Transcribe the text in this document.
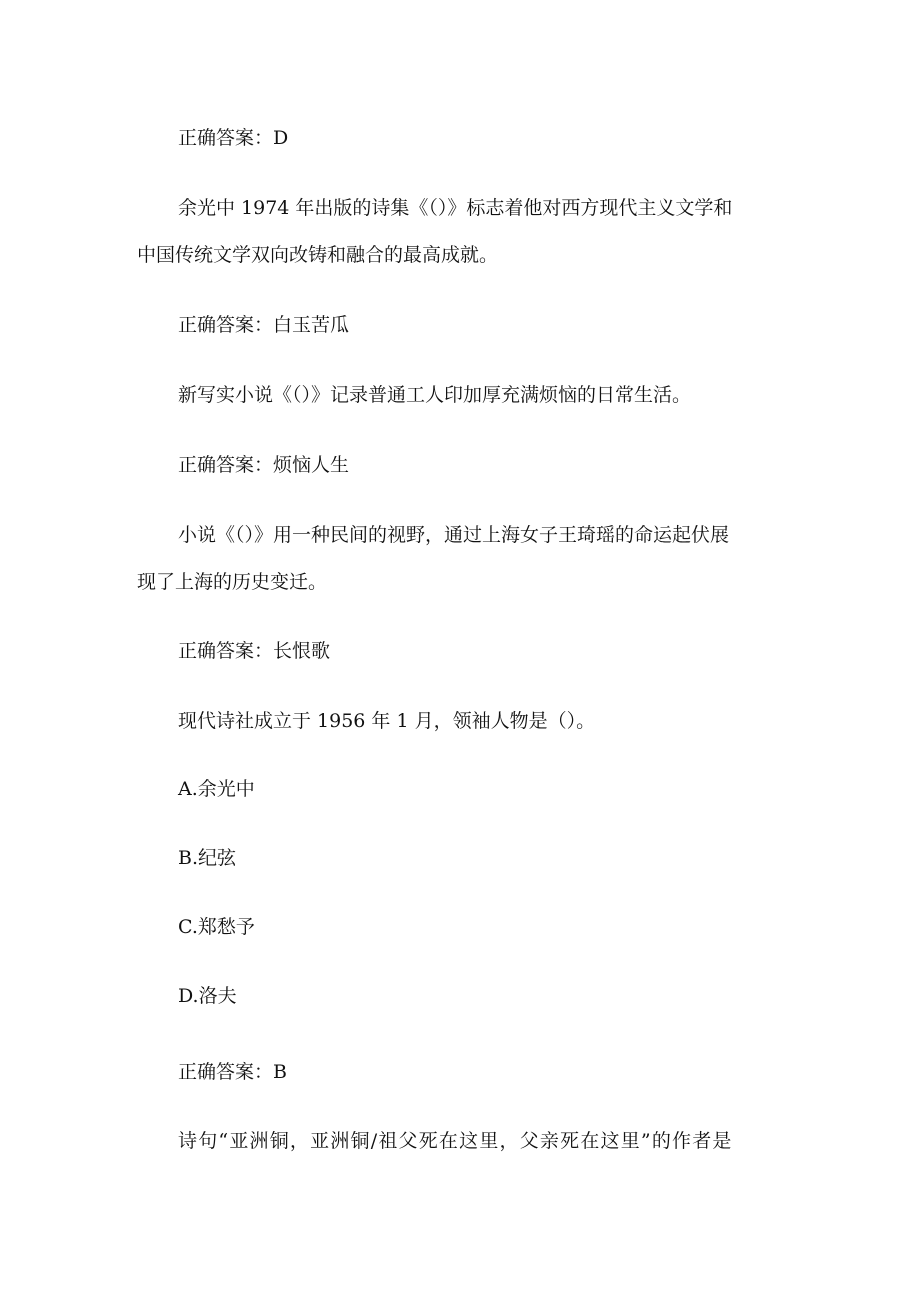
正确答案：D
余光中 1974 年出版的诗集《（）》标志着他对西方现代主义文学和
中国传统文学双向改铸和融合的最高成就。
正确答案：白玉苦瓜
新写实小说《（）》记录普通工人印加厚充满烦恼的日常生活。
正确答案：烦恼人生
小说《（）》用一种民间的视野，通过上海女子王琦瑶的命运起伏展
现了上海的历史变迁。
正确答案：长恨歌
现代诗社成立于 1956 年 1 月，领袖人物是（）。
A.余光中
B.纪弦
C.郑愁予
D.洛夫
正确答案：B
诗句“亚洲铜，亚洲铜/祖父死在这里，父亲死在这里”的作者是
